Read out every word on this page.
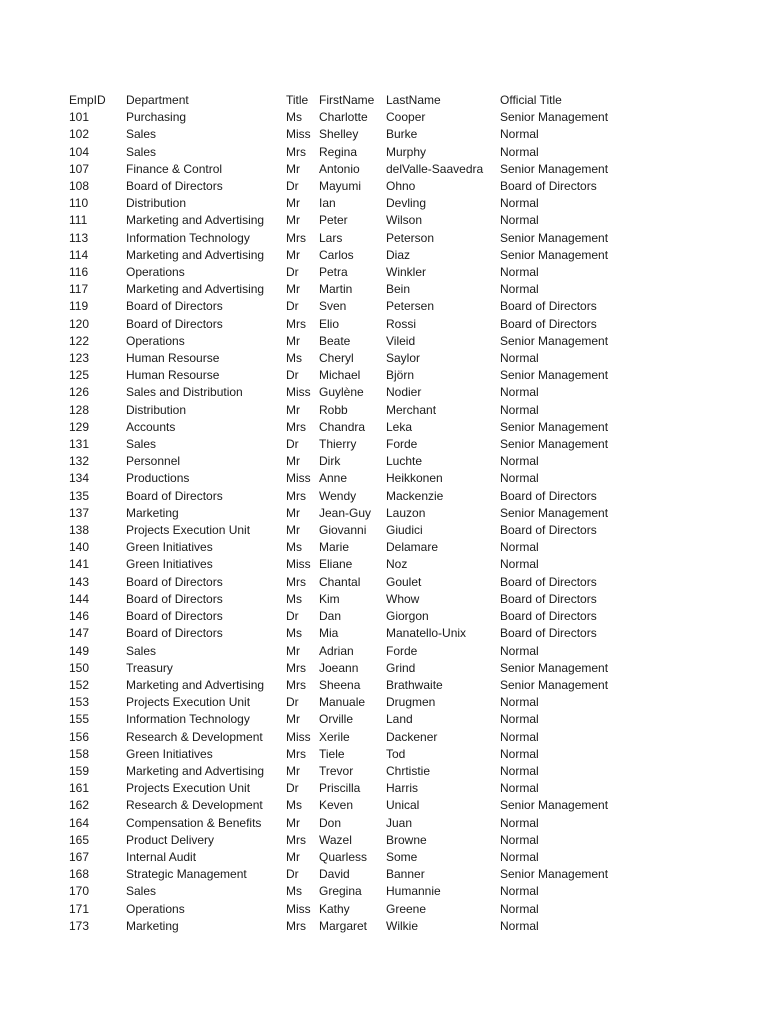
EmpID	Department	Title	FirstName	LastName	Official Title
101	Purchasing	Ms	Charlotte	Cooper	Senior Management
102	Sales	Miss	Shelley	Burke	Normal
104	Sales	Mrs	Regina	Murphy	Normal
107	Finance & Control	Mr	Antonio	delValle-Saavedra	Senior Management
108	Board of Directors	Dr	Mayumi	Ohno	Board of Directors
110	Distribution	Mr	Ian	Devling	Normal
111	Marketing and Advertising	Mr	Peter	Wilson	Normal
113	Information Technology	Mrs	Lars	Peterson	Senior Management
114	Marketing and Advertising	Mr	Carlos	Diaz	Senior Management
116	Operations	Dr	Petra	Winkler	Normal
117	Marketing and Advertising	Mr	Martin	Bein	Normal
119	Board of Directors	Dr	Sven	Petersen	Board of Directors
120	Board of Directors	Mrs	Elio	Rossi	Board of Directors
122	Operations	Mr	Beate	Vileid	Senior Management
123	Human Resourse	Ms	Cheryl	Saylor	Normal
125	Human Resourse	Dr	Michael	Björn	Senior Management
126	Sales and Distribution	Miss	Guylène	Nodier	Normal
128	Distribution	Mr	Robb	Merchant	Normal
129	Accounts	Mrs	Chandra	Leka	Senior Management
131	Sales	Dr	Thierry	Forde	Senior Management
132	Personnel	Mr	Dirk	Luchte	Normal
134	Productions	Miss	Anne	Heikkonen	Normal
135	Board of Directors	Mrs	Wendy	Mackenzie	Board of Directors
137	Marketing	Mr	Jean-Guy	Lauzon	Senior Management
138	Projects Execution Unit	Mr	Giovanni	Giudici	Board of Directors
140	Green Initiatives	Ms	Marie	Delamare	Normal
141	Green Initiatives	Miss	Eliane	Noz	Normal
143	Board of Directors	Mrs	Chantal	Goulet	Board of Directors
144	Board of Directors	Ms	Kim	Whow	Board of Directors
146	Board of Directors	Dr	Dan	Giorgon	Board of Directors
147	Board of Directors	Ms	Mia	Manatello-Unix	Board of Directors
149	Sales	Mr	Adrian	Forde	Normal
150	Treasury	Mrs	Joeann	Grind	Senior Management
152	Marketing and Advertising	Mrs	Sheena	Brathwaite	Senior Management
153	Projects Execution Unit	Dr	Manuale	Drugmen	Normal
155	Information Technology	Mr	Orville	Land	Normal
156	Research & Development	Miss	Xerile	Dackener	Normal
158	Green Initiatives	Mrs	Tiele	Tod	Normal
159	Marketing and Advertising	Mr	Trevor	Chrtistie	Normal
161	Projects Execution Unit	Dr	Priscilla	Harris	Normal
162	Research & Development	Ms	Keven	Unical	Senior Management
164	Compensation & Benefits	Mr	Don	Juan	Normal
165	Product Delivery	Mrs	Wazel	Browne	Normal
167	Internal Audit	Mr	Quarless	Some	Normal
168	Strategic Management	Dr	David	Banner	Senior Management
170	Sales	Ms	Gregina	Humannie	Normal
171	Operations	Miss	Kathy	Greene	Normal
173	Marketing	Mrs	Margaret	Wilkie	Normal
